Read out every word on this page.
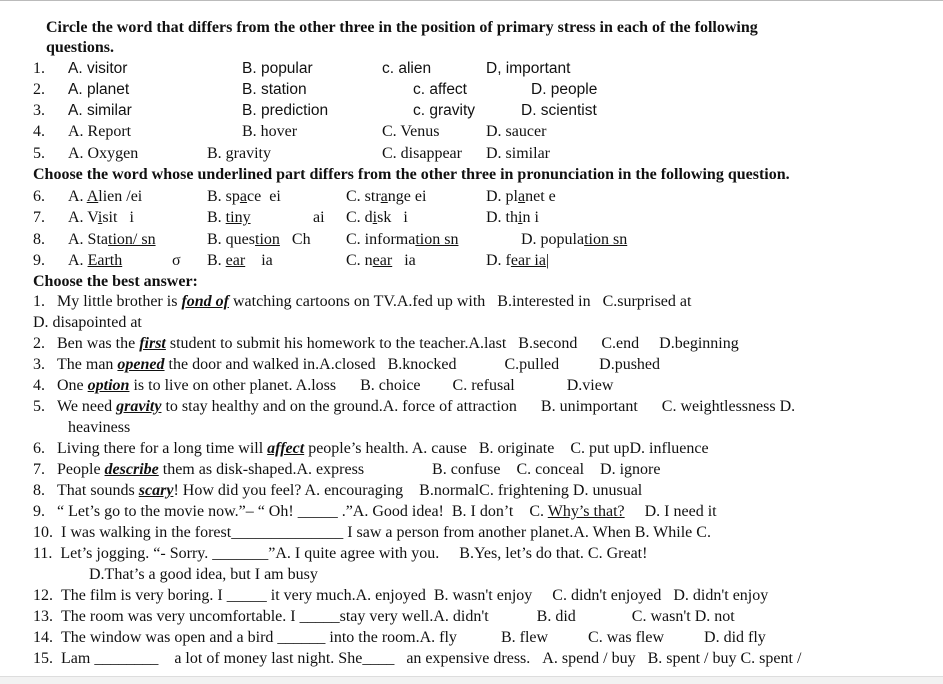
Circle the word that differs from the other three in the position of primary stress in each of the following
questions.
1. A. visitor	B. popular	c. alien	D, important
2. A. planet	B. station	c. affect	D. people
3. A. similar	B. prediction	c. gravity	D. scientist
4. A. Report	B. hover	C. Venus	D. saucer
5. A. Oxygen	B. gravity	C. disappear D. similar
Choose the word whose underlined part differs from the other three in pronunciation in the following question.
6. A. Alien /ei	B. space ei	C. strange ei	D. planet e
7. A. Visit i	B. tiny	ai C. disk i	D. thin i
8. A. Station/ sn	B. question Ch C. information sn	D. population sn
9. A. Earth	σ B. ear ia	C. near ia	D. fear ia|
Choose the best answer:
1. My little brother is fond of watching cartoons on TV.A.fed up with B.interested in C.surprised at
D. disapointed at
2. Ben was the first student to submit his homework to the teacher.A.last B.second C.end D.beginning
3. The man opened the door and walked in.A.closed B.knocked	C.pulled	D.pushed
4. One option is to live on other planet. A.loss B. choice C. refusal	D.view
5. We need gravity to stay healthy and on the ground.A. force of attraction B. unimportant C. weightlessness D.
heaviness
6. Living there for a long time will affect people’s health. A. cause B. originate C. put upD. influence
7. People describe them as disk-shaped.A. express	B. confuse C. conceal D. ignore
8. That sounds scary! How did you feel? A. encouraging B.normalC. frightening D. unusual
9. “ Let’s go to the movie now.”– “ Oh! _____ .”A. Good idea! B. I don’t C. Why’s that? D. I need it
10. I was walking in the forest______________ I saw a person from another planet.A. When B. While C.
11. Let’s jogging. “- Sorry. _______”A. I quite agree with you. B.Yes, let’s do that. C. Great!
D.That’s a good idea, but I am busy
12. The film is very boring. I _____ it very much.A. enjoyed B. wasn't enjoy C. didn't enjoyed D. didn't enjoy
13. The room was very uncomfortable. I _____stay very well.A. didn't	B. did	C. wasn't D. not
14. The window was open and a bird ______ into the room.A. fly	B. flew	C. was flew	D. did fly
15. Lam ________ a lot of money last night. She____ an expensive dress. A. spend / buy B. spent / buy C. spent /
